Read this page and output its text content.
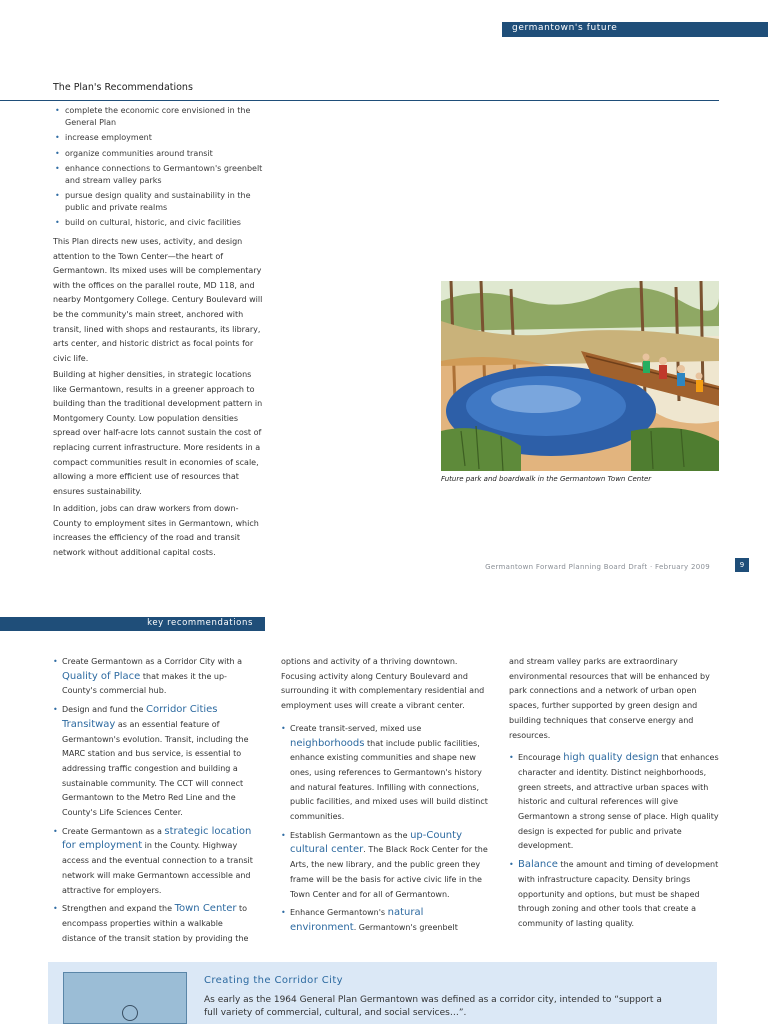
germantown's future
The Plan's Recommendations
• complete the economic core envisioned in the General Plan
• increase employment
• organize communities around transit
• enhance connections to Germantown's greenbelt and stream valley parks
• pursue design quality and sustainability in the public and private realms
• build on cultural, historic, and civic facilities

This Plan directs new uses, activity, and design attention to the Town Center—the heart of Germantown. Its mixed uses will be complementary with the offices on the parallel route, MD 118, and nearby Montgomery College. Century Boulevard will be the community's main street, anchored with transit, lined with shops and restaurants, its library, arts center, and historic district as focal points for civic life.

Building at higher densities, in strategic locations like Germantown, results in a greener approach to building than the traditional development pattern in Montgomery County. Low population densities spread over half-acre lots cannot sustain the cost of replacing current infrastructure. More residents in a compact communities result in economies of scale, allowing a more efficient use of resources that ensures sustainability.

In addition, jobs can draw workers from down-County to employment sites in Germantown, which increases the efficiency of the road and transit network without additional capital costs.

Future park and boardwalk in the Germantown Town Center
Germantown Forward Planning Board Draft · February 2009	9
key recommendations
• Create Germantown as a Corridor City with a Quality of Place that makes it the up-County's commercial hub.
• Design and fund the Corridor Cities Transitway as an essential feature of Germantown's evolution. Transit, including the MARC station and bus service, is essential to addressing traffic congestion and building a sustainable community. The CCT will connect Germantown to the Metro Red Line and the County's Life Sciences Center.
• Create Germantown as a strategic location for employment in the County. Highway access and the eventual connection to a transit network will make Germantown accessible and attractive for employers.
• Strengthen and expand the Town Center to encompass properties within a walkable distance of the transit station by providing the
options and activity of a thriving downtown. Focusing activity along Century Boulevard and surrounding it with complementary residential and employment uses will create a vibrant center.
• Create transit-served, mixed use neighborhoods that include public facilities, enhance existing communities and shape new ones, using references to Germantown's history and natural features. Infilling with connections, public facilities, and mixed uses will build distinct communities.
• Establish Germantown as the up-County cultural center. The Black Rock Center for the Arts, the new library, and the public green they frame will be the basis for active civic life in the Town Center and for all of Germantown.
• Enhance Germantown's natural environment. Germantown's greenbelt
and stream valley parks are extraordinary environmental resources that will be enhanced by park connections and a network of urban open spaces, further supported by green design and building techniques that conserve energy and resources.
• Encourage high quality design that enhances character and identity. Distinct neighborhoods, green streets, and attractive urban spaces with historic and cultural references will give Germantown a strong sense of place. High quality design is expected for public and private development.
• Balance the amount and timing of development with infrastructure capacity. Density brings opportunity and options, but must be shaped through zoning and other tools that create a community of lasting quality.
Creating the Corridor City
As early as the 1964 General Plan Germantown was defined as a corridor city, intended to “support a full variety of commercial, cultural, and social services…”.
